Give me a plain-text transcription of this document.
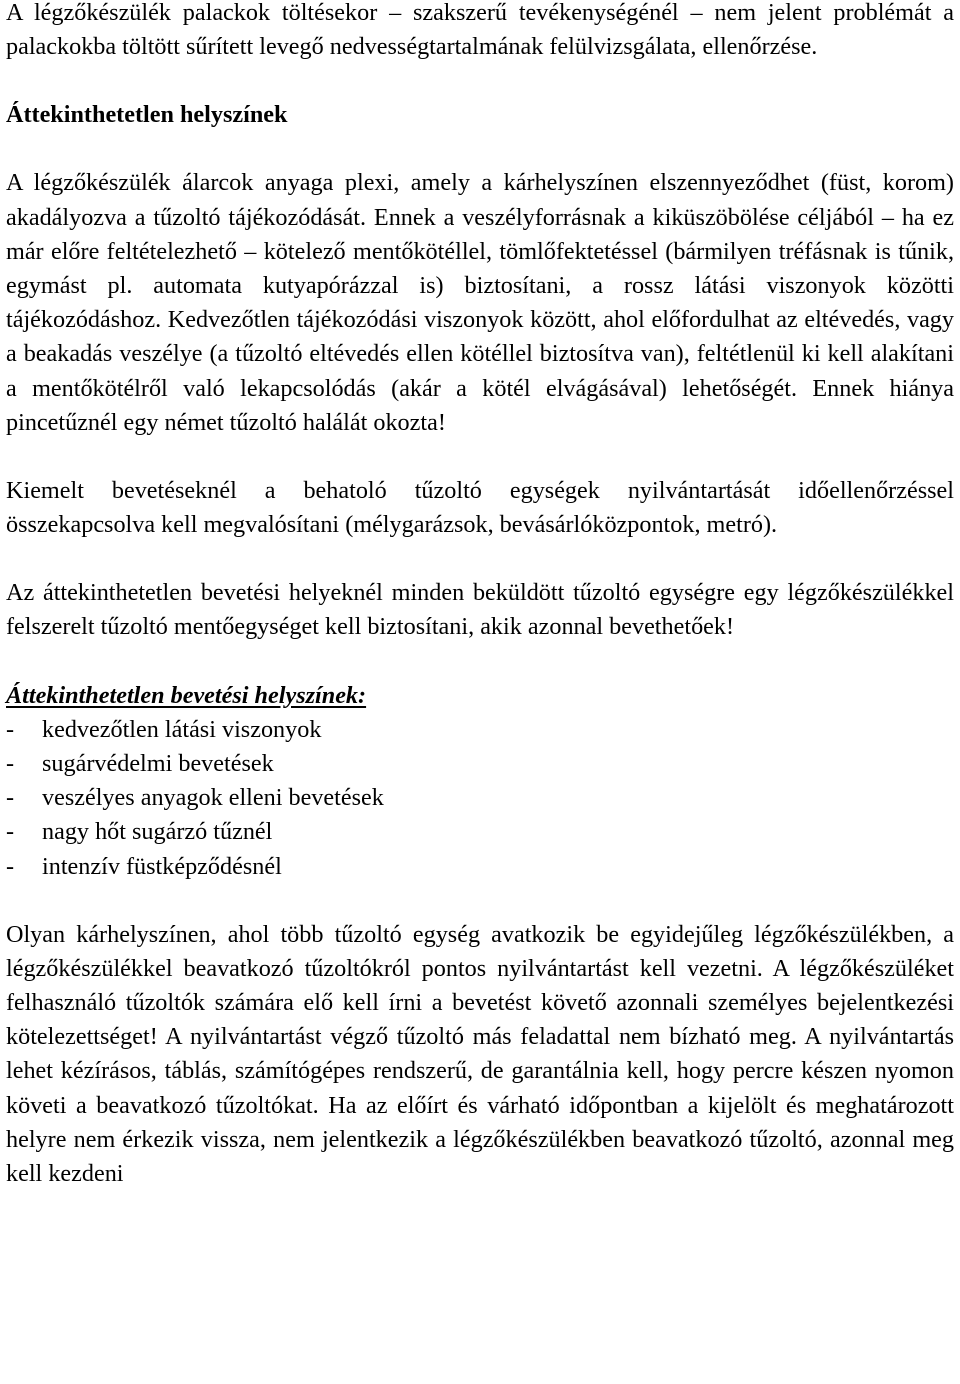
A légzőkészülék palackok töltésekor – szakszerű tevékenységénél – nem jelent problémát a palackokba töltött sűrített levegő nedvességtartalmának felülvizsgálata, ellenőrzése.

Áttekinthetetlen helyszínek

A légzőkészülék álarcok anyaga plexi, amely a kárhelyszínen elszennyeződhet (füst, korom) akadályozva a tűzoltó tájékozódását. Ennek a veszélyforrásnak a kiküszöbölése céljából – ha ez már előre feltételezhető – kötelező mentőkötéllel, tömlőfektetéssel (bármilyen tréfásnak is tűnik, egymást pl. automata kutyapórázzal is) biztosítani, a rossz látási viszonyok közötti tájékozódáshoz. Kedvezőtlen tájékozódási viszonyok között, ahol előfordulhat az eltévedés, vagy a beakadás veszélye (a tűzoltó eltévedés ellen kötéllel biztosítva van), feltétlenül ki kell alakítani a mentőkötélről való lekapcsolódás (akár a kötél elvágásával) lehetőségét. Ennek hiánya pincetűznél egy német tűzoltó halálát okozta!

Kiemelt bevetéseknél a behatoló tűzoltó egységek nyilvántartását időellenőrzéssel összekapcsolva kell megvalósítani (mélygarázsok, bevásárlóközpontok, metró).

Az áttekinthetetlen bevetési helyeknél minden beküldött tűzoltó egységre egy légzőkészülékkel felszerelt tűzoltó mentőegységet kell biztosítani, akik azonnal bevethetőek!

Áttekinthetetlen bevetési helyszínek:

- kedvezőtlen látási viszonyok
- sugárvédelmi bevetések
- veszélyes anyagok elleni bevetések
- nagy hőt sugárzó tűznél
- intenzív füstképződésnél

Olyan kárhelyszínen, ahol több tűzoltó egység avatkozik be egyidejűleg légzőkészülékben, a légzőkészülékkel beavatkozó tűzoltókról pontos nyilvántartást kell vezetni. A légzőkészüléket felhasználó tűzoltók számára elő kell írni a bevetést követő azonnali személyes bejelentkezési kötelezettséget! A nyilvántartást végző tűzoltó más feladattal nem bízható meg. A nyilvántartás lehet kézírásos, táblás, számítógépes rendszerű, de garantálnia kell, hogy percre készen nyomon követi a beavatkozó tűzoltókat. Ha az előírt és várható időpontban a kijelölt és meghatározott helyre nem érkezik vissza, nem jelentkezik a légzőkészülékben beavatkozó tűzoltó, azonnal meg kell kezdeni
